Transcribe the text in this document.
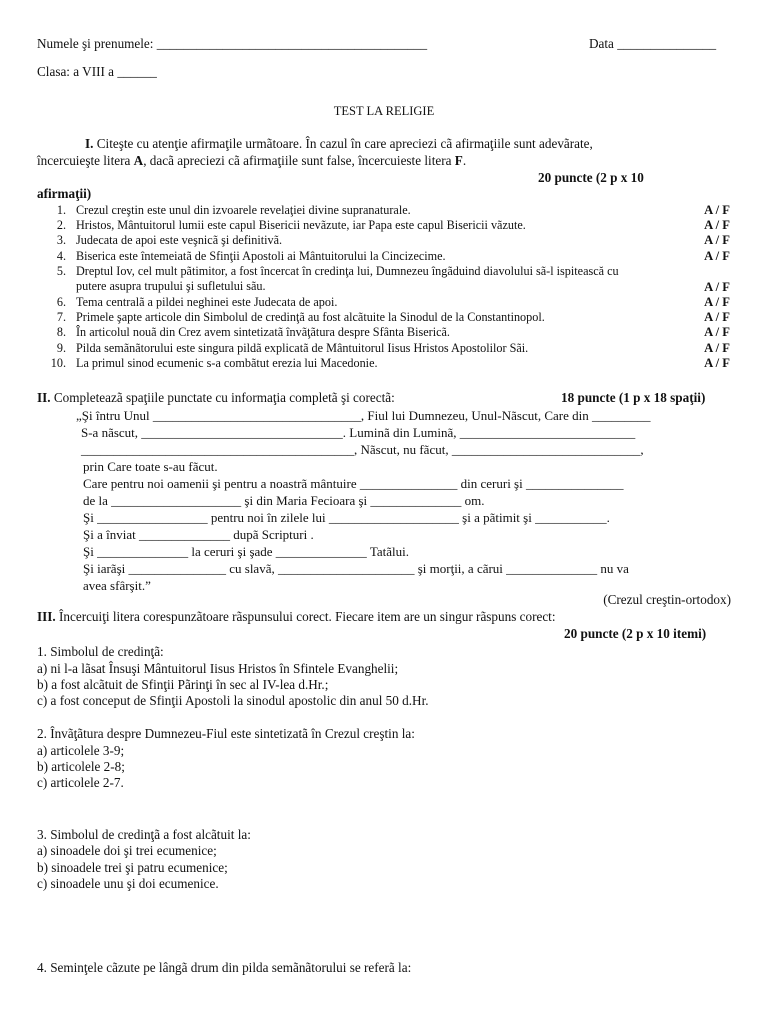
Numele şi prenumele: _________________________________________	Data _______________
Clasa: a VIII a ______
TEST LA RELIGIE
I. Citeşte cu atenţie afirmaţile urmãtoare. În cazul în care apreciezi cã afirmaţiile sunt adevãrate,
încercuieşte litera A, dacã apreciezi cã afirmaţiile sunt false, încercuieste litera F.
20 puncte (2 p x 10
afirmaţii)
1. Crezul creştin este unul din izvoarele revelaţiei divine supranaturale.	A / F
2. Hristos, Mântuitorul lumii este capul Bisericii nevãzute, iar Papa este capul Bisericii vãzute.	A / F
3. Judecata de apoi este veşnicã şi definitivã.	A / F
4. Biserica este întemeiatã de Sfinţii Apostoli ai Mântuitorului la Cincizecime.	A / F
5. Dreptul Iov, cel mult pãtimitor, a fost încercat în credinţa lui, Dumnezeu îngãduind diavolului sã-l ispitească cu
putere asupra trupului şi sufletului sãu.	A / F
6. Tema centralã a pildei neghinei este Judecata de apoi.	A / F
7. Primele şapte articole din Simbolul de credinţã au fost alcãtuite la Sinodul de la Constantinopol.	A / F
8. În articolul nouã din Crez avem sintetizatã învãţãtura despre Sfânta Bisericã.	A / F
9. Pilda semãnãtorului este singura pildã explicatã de Mântuitorul Iisus Hristos Apostolilor Sãi.	A / F
10. La primul sinod ecumenic s-a combãtut erezia lui Macedonie.	A / F
II. Completeazã spaţiile punctate cu informaţia completã şi corectã:	18 puncte (1 p x 18 spaţii)
„Şi întru Unul ________________________________, Fiul lui Dumnezeu, Unul-Nãscut, Care din _________
S-a nãscut, _______________________________. Luminã din Luminã, ___________________________
__________________________________________, Nãscut, nu fãcut, _____________________________,
prin Care toate s-au fãcut.
Care pentru noi oamenii şi pentru a noastrã mântuire _______________ din ceruri şi _______________
de la ____________________ şi din Maria Fecioara şi ______________ om.
Şi _________________ pentru noi în zilele lui ____________________ şi a pãtimit şi ___________.
Şi a înviat ______________ dupã Scripturi .
Şi ______________ la ceruri şi şade ______________ Tatãlui.
Şi iarãşi _______________ cu slavã, _____________________ şi morţii, a cãrui ______________ nu va
avea sfârşit.”
(Crezul creştin-ortodox)
III. Încercuiţi litera corespunzãtoare rãspunsului corect. Fiecare item are un singur rãspuns corect:
20 puncte (2 p x 10 itemi)
1. Simbolul de credinţã:
a) ni l-a lãsat Însuşi Mântuitorul Iisus Hristos în Sfintele Evanghelii;
b) a fost alcãtuit de Sfinţii Pãrinţi în sec al IV-lea d.Hr.;
c) a fost conceput de Sfinţii Apostoli la sinodul apostolic din anul 50 d.Hr.
2. Învãţãtura despre Dumnezeu-Fiul este sintetizatã în Crezul creştin la:
a) articolele 3-9;
b) articolele 2-8;
c) articolele 2-7.
3. Simbolul de credinţã a fost alcãtuit la:
a) sinoadele doi şi trei ecumenice;
b) sinoadele trei şi patru ecumenice;
c) sinoadele unu şi doi ecumenice.
4. Seminţele cãzute pe lângã drum din pilda semãnãtorului se referã la:
